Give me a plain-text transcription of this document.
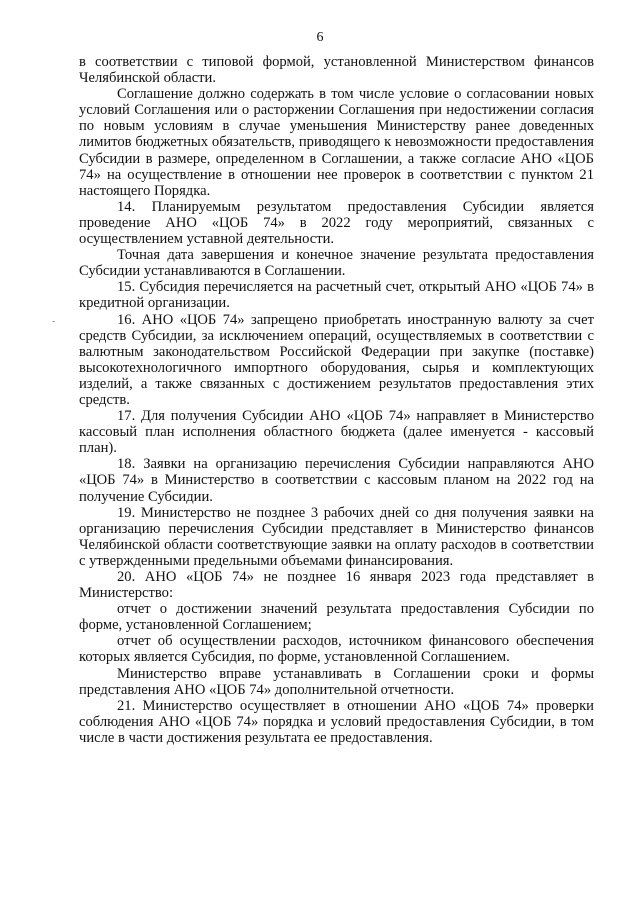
6
-

в соответствии с типовой формой, установленной Министерством финансов Челябинской области.

Соглашение должно содержать в том числе условие о согласовании новых условий Соглашения или о расторжении Соглашения при недостижении согласия по новым условиям в случае уменьшения Министерству ранее доведенных лимитов бюджетных обязательств, приводящего к невозможности предоставления Субсидии в размере, определенном в Соглашении, а также согласие АНО «ЦОБ 74» на осуществление в отношении нее проверок в соответствии с пунктом 21 настоящего Порядка.

14. Планируемым результатом предоставления Субсидии является проведение АНО «ЦОБ 74» в 2022 году мероприятий, связанных с осуществлением уставной деятельности.

Точная дата завершения и конечное значение результата предоставления Субсидии устанавливаются в Соглашении.

15. Субсидия перечисляется на расчетный счет, открытый АНО «ЦОБ 74» в кредитной организации.

16. АНО «ЦОБ 74» запрещено приобретать иностранную валюту за счет средств Субсидии, за исключением операций, осуществляемых в соответствии с валютным законодательством Российской Федерации при закупке (поставке) высокотехнологичного импортного оборудования, сырья и комплектующих изделий, а также связанных с достижением результатов предоставления этих средств.

17. Для получения Субсидии АНО «ЦОБ 74» направляет в Министерство кассовый план исполнения областного бюджета (далее именуется - кассовый план).

18. Заявки на организацию перечисления Субсидии направляются АНО «ЦОБ 74» в Министерство в соответствии с кассовым планом на 2022 год на получение Субсидии.

19. Министерство не позднее 3 рабочих дней со дня получения заявки на организацию перечисления Субсидии представляет в Министерство финансов Челябинской области соответствующие заявки на оплату расходов в соответствии с утвержденными предельными объемами финансирования.

20. АНО «ЦОБ 74» не позднее 16 января 2023 года представляет в Министерство:

отчет о достижении значений результата предоставления Субсидии по форме, установленной Соглашением;

отчет об осуществлении расходов, источником финансового обеспечения которых является Субсидия, по форме, установленной Соглашением.

Министерство вправе устанавливать в Соглашении сроки и формы представления АНО «ЦОБ 74» дополнительной отчетности.

21. Министерство осуществляет в отношении АНО «ЦОБ 74» проверки соблюдения АНО «ЦОБ 74» порядка и условий предоставления Субсидии, в том числе в части достижения результата ее предоставления.
